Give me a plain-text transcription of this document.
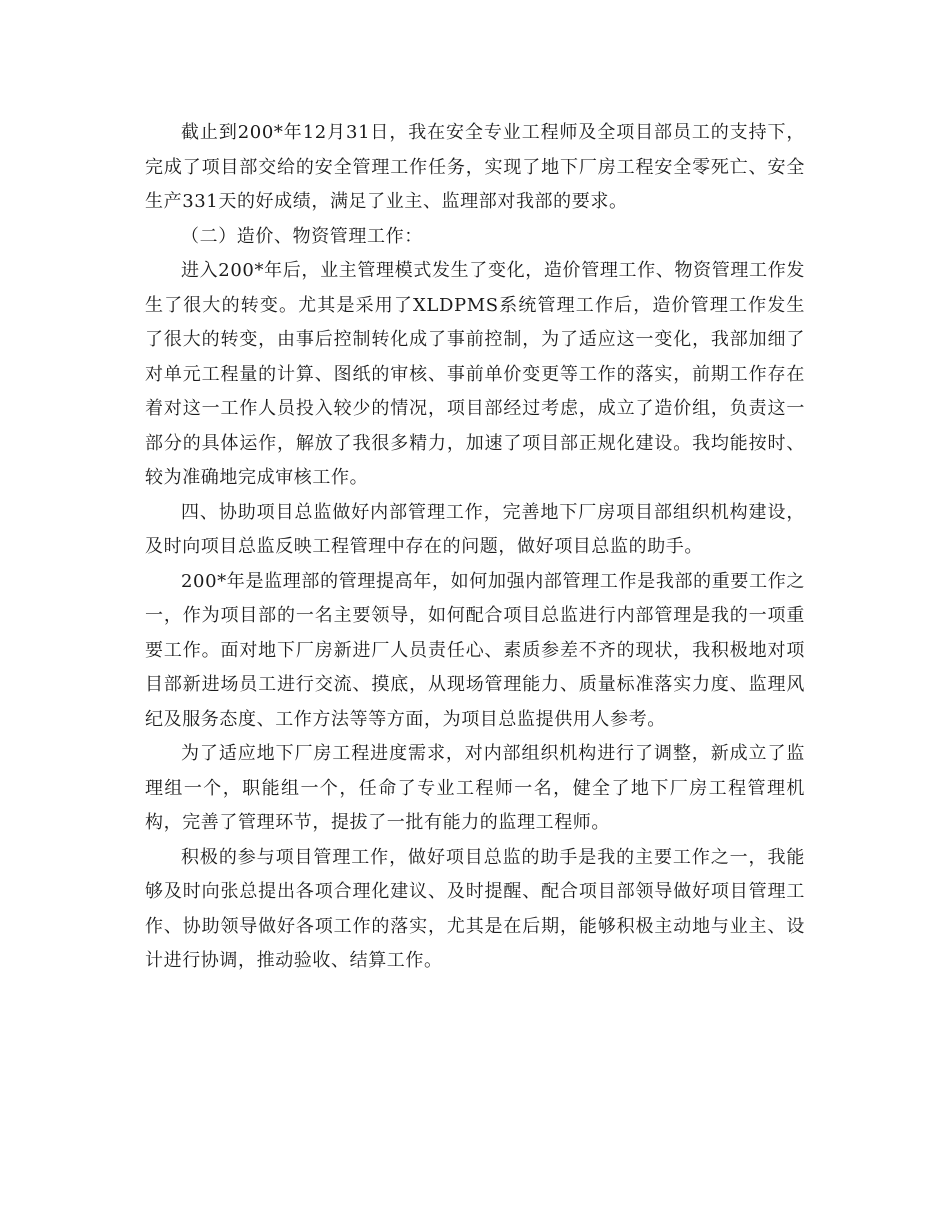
截止到200*年12月31日，我在安全专业工程师及全项目部员工的支持下，完成了项目部交给的安全管理工作任务，实现了地下厂房工程安全零死亡、安全生产331天的好成绩，满足了业主、监理部对我部的要求。

（二）造价、物资管理工作：

进入200*年后，业主管理模式发生了变化，造价管理工作、物资管理工作发生了很大的转变。尤其是采用了XLDPMS系统管理工作后，造价管理工作发生了很大的转变，由事后控制转化成了事前控制，为了适应这一变化，我部加细了对单元工程量的计算、图纸的审核、事前单价变更等工作的落实，前期工作存在着对这一工作人员投入较少的情况，项目部经过考虑，成立了造价组，负责这一部分的具体运作，解放了我很多精力，加速了项目部正规化建设。我均能按时、较为准确地完成审核工作。

四、协助项目总监做好内部管理工作，完善地下厂房项目部组织机构建设，及时向项目总监反映工程管理中存在的问题，做好项目总监的助手。

200*年是监理部的管理提高年，如何加强内部管理工作是我部的重要工作之一，作为项目部的一名主要领导，如何配合项目总监进行内部管理是我的一项重要工作。面对地下厂房新进厂人员责任心、素质参差不齐的现状，我积极地对项目部新进场员工进行交流、摸底，从现场管理能力、质量标准落实力度、监理风纪及服务态度、工作方法等等方面，为项目总监提供用人参考。

为了适应地下厂房工程进度需求，对内部组织机构进行了调整，新成立了监理组一个，职能组一个，任命了专业工程师一名，健全了地下厂房工程管理机构，完善了管理环节，提拔了一批有能力的监理工程师。

积极的参与项目管理工作，做好项目总监的助手是我的主要工作之一，我能够及时向张总提出各项合理化建议、及时提醒、配合项目部领导做好项目管理工作、协助领导做好各项工作的落实，尤其是在后期，能够积极主动地与业主、设计进行协调，推动验收、结算工作。
